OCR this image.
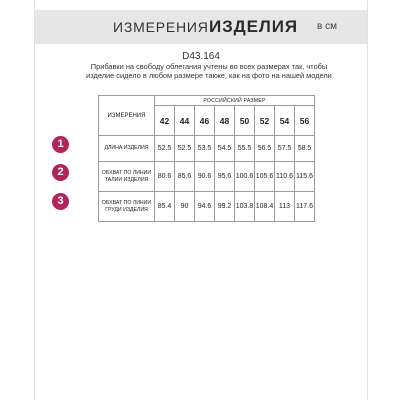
ИЗМЕРЕНИЯ ИЗДЕЛИЯ в см
D43.164
Прибавки на свободу облегания учтены во всех размерах так, чтобы изделие сидело в любом размере также, как на фото на нашей модели
1
2
3
ИЗМЕРЕНИЯ	РОССИЙСКИЙ РАЗМЕР							
	42	44	46	48	50	52	54	56
ДЛИНА ИЗДЕЛИЯ	52.5	52.5	53.5	54.5	55.5	56.5	57.5	58.5
ОБХВАТ ПО ЛИНИИ ТАЛИИ ИЗДЕЛИЯ	80.6	85.6	90.6	95.6	100.6	105.6	110.6	115.6
ОБХВАТ ПО ЛИНИИ ГРУДИ ИЗДЕЛИЯ	85.4	90	94.6	99.2	103.8	108.4	113	117.6
